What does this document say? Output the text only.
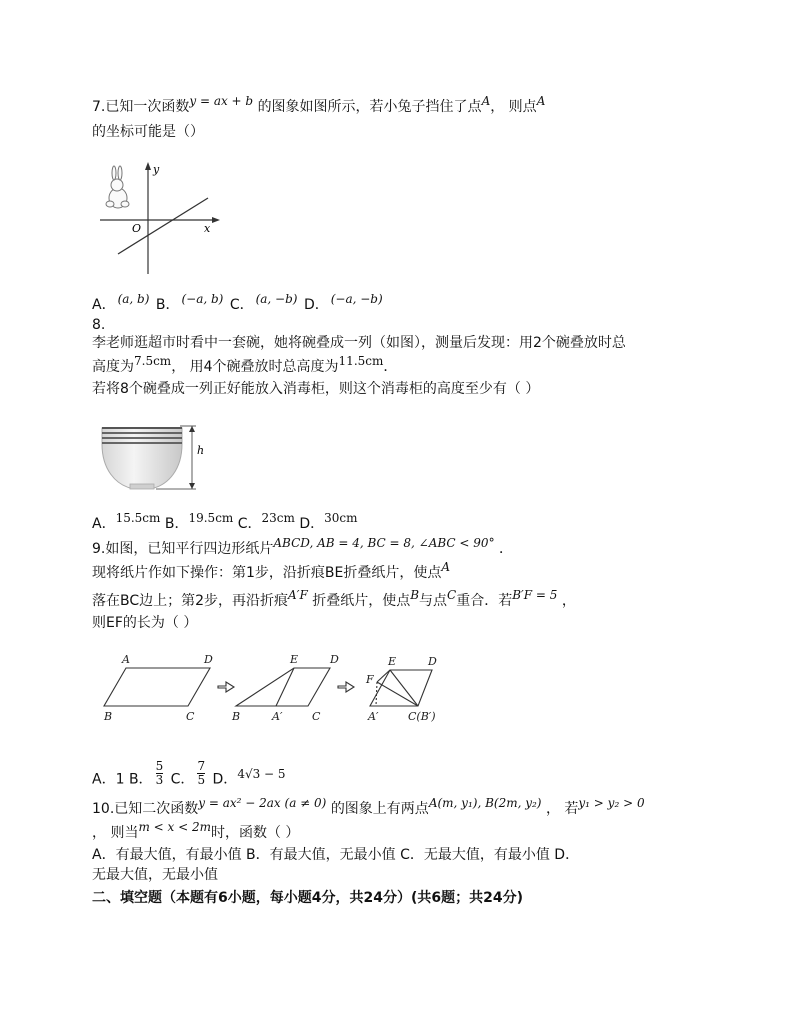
7.已知一次函数y = ax + b 的图象如图所示，若小兔子挡住了点A， 则点A
的坐标可能是（）
y
x
O
A． (a, b) B． (−a, b) C． (a, −b) D． (−a, −b)
8.
李老师逛超市时看中一套碗，她将碗叠成一列（如图），测量后发现：用2个碗叠放时总
高度为7.5cm， 用4个碗叠放时总高度为11.5cm．
若将8个碗叠成一列正好能放入消毒柜，则这个消毒柜的高度至少有（ ）
h
A．15.5cm B．19.5cm C．23cm D．30cm
9.如图，已知平行四边形纸片ABCD, AB = 4, BC = 8, ∠ABC < 90° ．
现将纸片作如下操作：第1步，沿折痕BE折叠纸片，使点A
落在BC边上；第2步，再沿折痕A′F 折叠纸片，使点B与点C重合．若B′F = 5 ，
则EF的长为（ ）
A	D
B	C
E	D
B	A′	C
E	D
F
A′	C(B′)
A．1 B． $\frac{5}{3}$ C． $\frac{7}{5}$ D．4√3 − 5
10.已知二次函数y = ax² − 2ax (a ≠ 0) 的图象上有两点A(m, y₁), B(2m, y₂) ， 若y₁ > y₂ > 0
， 则当m < x < 2m时，函数（ ）
A．有最大值，有最小值 B．有最大值，无最小值 C．无最大值，有最小值 D．
无最大值，无最小值
二、填空题（本题有6小题，每小题4分，共24分）(共6题；共24分)
